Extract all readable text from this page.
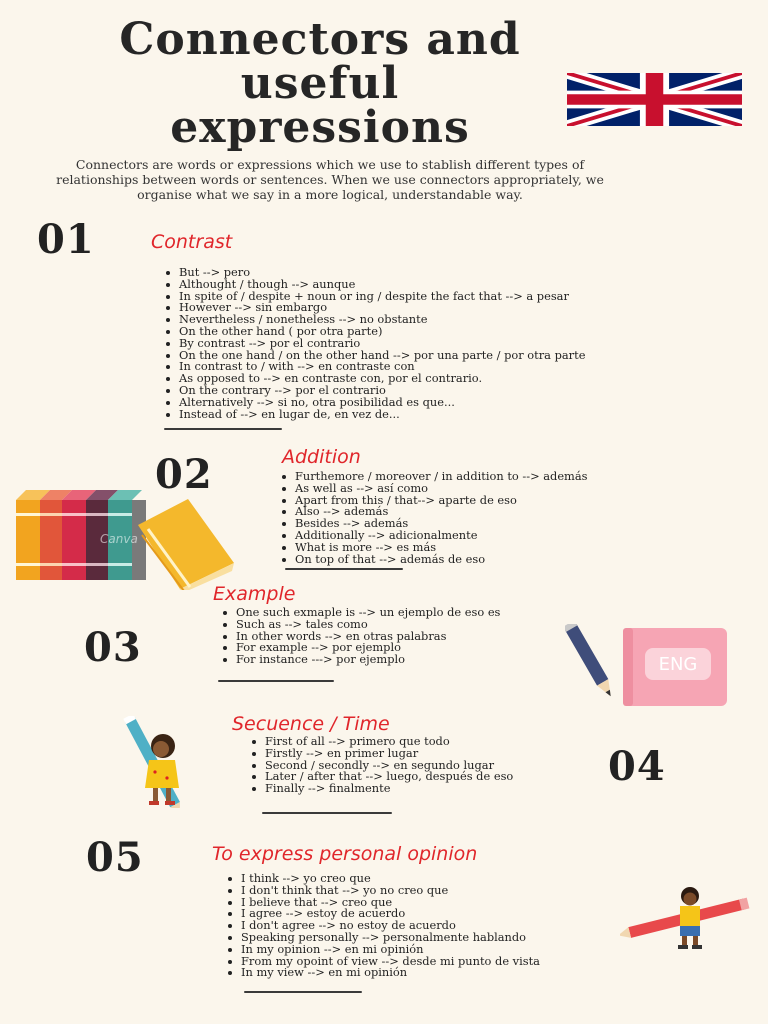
Connectors and
useful
expressions
Connectors are words or expressions which we use to stablish different types of relationships between words or sentences. When we use connectors appropriately, we organise what we say in a more logical, understandable way.
01	Contrast
But --> pero
Althought / though --> aunque
In spite of / despite + noun or ing / despite the fact that --> a pesar
However --> sin embargo
Nevertheless / nonetheless --> no obstante
On the other hand ( por otra parte)
By contrast --> por el contrario
On the one hand / on the other hand --> por una parte / por otra parte
In contrast to / with --> en contraste con
As opposed to --> en contraste con, por el contrario.
On the contrary --> por el contrario
Alternatively --> si no, otra posibilidad es que...
Instead of --> en lugar de, en vez de...
02	Addition
Furthemore / moreover / in addition to --> además
As well as --> así como
Apart from this / that--> aparte de eso
Also --> además
Besides --> además
Additionally --> adicionalmente
What is more --> es más
On top of that --> además de eso
Canva
Example
One such exmaple is --> un ejemplo de eso es
Such as --> tales como
In other words --> en otras palabras
For example --> por ejemplo
For instance ---> por ejemplo
03	ENG
Secuence / Time
First of all --> primero que todo
Firstly --> en primer lugar
Second / secondly --> en segundo lugar
Later / after that --> luego, después de eso
Finally --> finalmente	04
05	To express personal opinion
I think --> yo creo que
I don't think that --> yo no creo que
I believe that --> creo que
I agree --> estoy de acuerdo
I don't agree --> no estoy de acuerdo
Speaking personally --> personalmente hablando
In my opinion --> en mi opinión
From my opoint of view --> desde mi punto de vista
In my view --> en mi opinión
